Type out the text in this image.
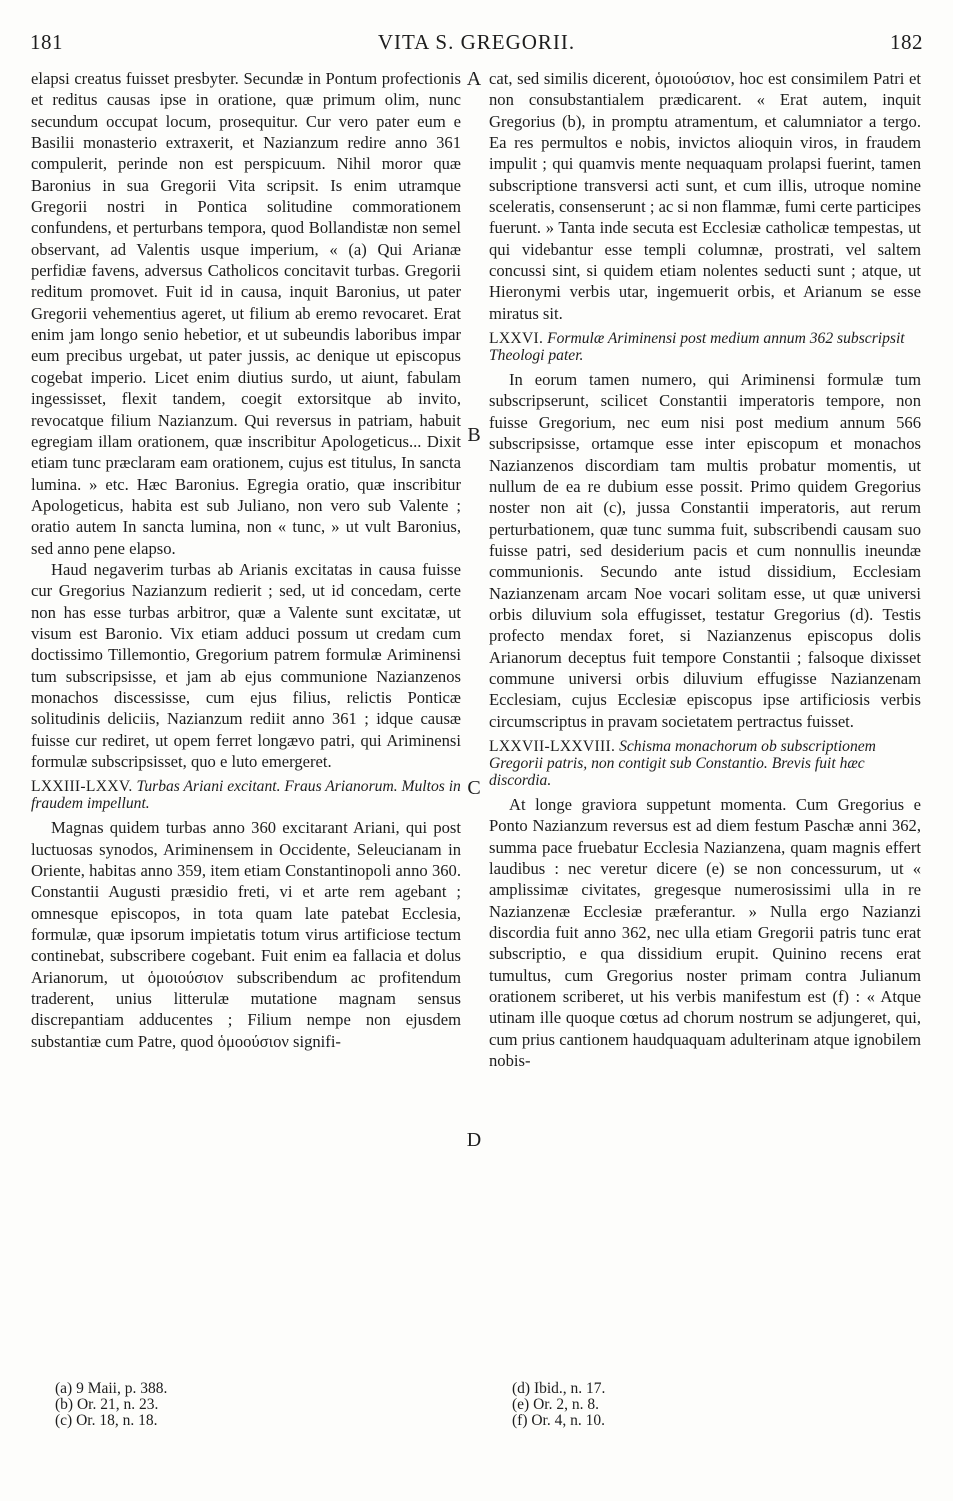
181	VITA S. GREGORII.	182

elapsi creatus fuisset presbyter. Secundæ in Pontum profectionis et reditus causas ipse in oratione, quæ primum olim, nunc secundum occupat locum, prosequitur. Cur vero pater eum e Basilii monasterio extraxerit, et Nazianzum redire anno 361 compulerit, perinde non est perspicuum. Nihil moror quæ Baronius in sua Gregorii Vita scripsit. Is enim utramque Gregorii nostri in Pontica solitudine commorationem confundens, et perturbans tempora, quod Bollandistæ non semel observant, ad Valentis usque imperium, « (a) Qui Arianæ perfidiæ favens, adversus Catholicos concitavit turbas. Gregorii reditum promovet. Fuit id in causa, inquit Baronius, ut pater Gregorii vehementius ageret, ut filium ab eremo revocaret. Erat enim jam longo senio hebetior, et ut subeundis laboribus impar eum precibus urgebat, ut pater jussis, ac denique ut episcopus cogebat imperio. Licet enim diutius surdo, ut aiunt, fabulam ingessisset, flexit tandem, coegit extorsitque ab invito, revocatque filium Nazianzum. Qui reversus in patriam, habuit egregiam illam orationem, quæ inscribitur Apologeticus... Dixit etiam tunc præclaram eam orationem, cujus est titulus, In sancta lumina. » etc. Hæc Baronius. Egregia oratio, quæ inscribitur Apologeticus, habita est sub Juliano, non vero sub Valente ; oratio autem In sancta lumina, non « tunc, » ut vult Baronius, sed anno pene elapso.

Haud negaverim turbas ab Arianis excitatas in causa fuisse cur Gregorius Nazianzum redierit ; sed, ut id concedam, certe non has esse turbas arbitror, quæ a Valente sunt excitatæ, ut visum est Baronio. Vix etiam adduci possum ut credam cum doctissimo Tillemontio, Gregorium patrem formulæ Ariminensi tum subscripsisse, et jam ab ejus communione Nazianzenos monachos discessisse, cum ejus filius, relictis Ponticæ solitudinis deliciis, Nazianzum rediit anno 361 ; idque causæ fuisse cur rediret, ut opem ferret longævo patri, qui Ariminensi formulæ subscripsisset, quo e luto emergeret.

LXXIII-LXXV. Turbas Ariani excitant. Fraus Arianorum. Multos in fraudem impellunt.

Magnas quidem turbas anno 360 excitarant Ariani, qui post luctuosas synodos, Ariminensem in Occidente, Seleucianam in Oriente, habitas anno 359, item etiam Constantinopoli anno 360. Constantii Augusti præsidio freti, vi et arte rem agebant ; omnesque episcopos, in tota quam late patebat Ecclesia, formulæ, quæ ipsorum impietatis totum virus artificiose tectum continebat, subscribere cogebant. Fuit enim ea fallacia et dolus Arianorum, ut ὁμοιούσιον subscribendum ac profitendum traderent, unius litterulæ mutatione magnam sensus discrepantiam adducentes ; Filium nempe non ejusdem substantiæ cum Patre, quod ὁμοούσιον signifi-

A
B
C
D

cat, sed similis dicerent, ὁμοιούσιον, hoc est consimilem Patri et non consubstantialem prædicarent. « Erat autem, inquit Gregorius (b), in promptu atramentum, et calumniator a tergo. Ea res permultos e nobis, invictos alioquin viros, in fraudem impulit ; qui quamvis mente nequaquam prolapsi fuerint, tamen subscriptione transversi acti sunt, et cum illis, utroque nomine sceleratis, consenserunt ; ac si non flammæ, fumi certe participes fuerunt. » Tanta inde secuta est Ecclesiæ catholicæ tempestas, ut qui videbantur esse templi columnæ, prostrati, vel saltem concussi sint, si quidem etiam nolentes seducti sunt ; atque, ut Hieronymi verbis utar, ingemuerit orbis, et Arianum se esse miratus sit.

LXXVI. Formulæ Ariminensi post medium annum 362 subscripsit Theologi pater.

In eorum tamen numero, qui Ariminensi formulæ tum subscripserunt, scilicet Constantii imperatoris tempore, non fuisse Gregorium, nec eum nisi post medium annum 566 subscripsisse, ortamque esse inter episcopum et monachos Nazianzenos discordiam tam multis probatur momentis, ut nullum de ea re dubium esse possit. Primo quidem Gregorius noster non ait (c), jussa Constantii imperatoris, aut rerum perturbationem, quæ tunc summa fuit, subscribendi causam suo fuisse patri, sed desiderium pacis et cum nonnullis ineundæ communionis. Secundo ante istud dissidium, Ecclesiam Nazianzenam arcam Noe vocari solitam esse, ut quæ universi orbis diluvium sola effugisset, testatur Gregorius (d). Testis profecto mendax foret, si Nazianzenus episcopus dolis Arianorum deceptus fuit tempore Constantii ; falsoque dixisset commune universi orbis diluvium effugisse Nazianzenam Ecclesiam, cujus Ecclesiæ episcopus ipse artificiosis verbis circumscriptus in pravam societatem pertractus fuisset.

LXXVII-LXXVIII. Schisma monachorum ob subscriptionem Gregorii patris, non contigit sub Constantio. Brevis fuit hæc discordia.

At longe graviora suppetunt momenta. Cum Gregorius e Ponto Nazianzum reversus est ad diem festum Paschæ anni 362, summa pace fruebatur Ecclesia Nazianzena, quam magnis effert laudibus : nec veretur dicere (e) se non concessurum, ut « amplissimæ civitates, gregesque numerosissimi ulla in re Nazianzenæ Ecclesiæ præferantur. » Nulla ergo Nazianzi discordia fuit anno 362, nec ulla etiam Gregorii patris tunc erat subscriptio, e qua dissidium erupit. Quinino recens erat tumultus, cum Gregorius noster primam contra Julianum orationem scriberet, ut his verbis manifestum est (f) : « Atque utinam ille quoque cœtus ad chorum nostrum se adjungeret, qui, cum prius cantionem haudquaquam adulterinam atque ignobilem nobis-

(a) 9 Maii, p. 388.
(b) Or. 21, n. 23.
(c) Or. 18, n. 18.
(d) Ibid., n. 17.
(e) Or. 2, n. 8.
(f) Or. 4, n. 10.
